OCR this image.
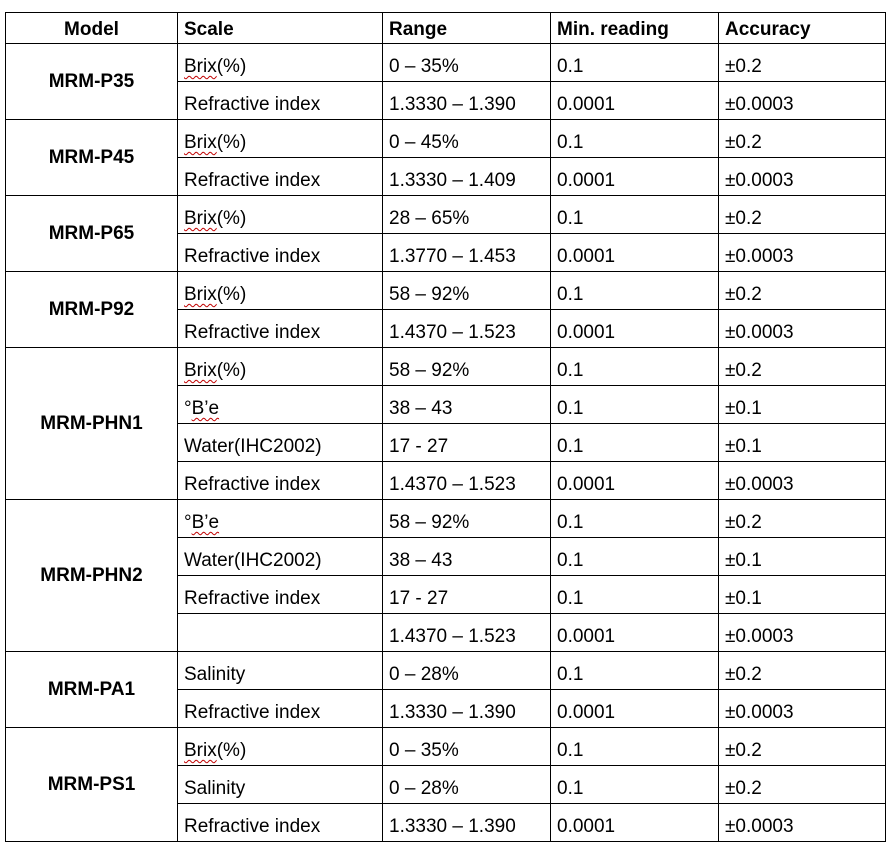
Model	Scale	Range	Min. reading	Accuracy
MRM-P35	Brix(%)	0 – 35%	0.1	±0.2
	Refractive index	1.3330 – 1.390	0.0001	±0.0003
MRM-P45	Brix(%)	0 – 45%	0.1	±0.2
	Refractive index	1.3330 – 1.409	0.0001	±0.0003
MRM-P65	Brix(%)	28 – 65%	0.1	±0.2
	Refractive index	1.3770 – 1.453	0.0001	±0.0003
MRM-P92	Brix(%)	58 – 92%	0.1	±0.2
	Refractive index	1.4370 – 1.523	0.0001	±0.0003
MRM-PHN1	Brix(%)	58 – 92%	0.1	±0.2
	°B’e	38 – 43	0.1	±0.1
	Water(IHC2002)	17 - 27	0.1	±0.1
	Refractive index	1.4370 – 1.523	0.0001	±0.0003
MRM-PHN2	°B’e	58 – 92%	0.1	±0.2
	Water(IHC2002)	38 – 43	0.1	±0.1
	Refractive index	17 - 27	0.1	±0.1
		1.4370 – 1.523	0.0001	±0.0003
MRM-PA1	Salinity	0 – 28%	0.1	±0.2
	Refractive index	1.3330 – 1.390	0.0001	±0.0003
MRM-PS1	Brix(%)	0 – 35%	0.1	±0.2
	Salinity	0 – 28%	0.1	±0.2
	Refractive index	1.3330 – 1.390	0.0001	±0.0003
